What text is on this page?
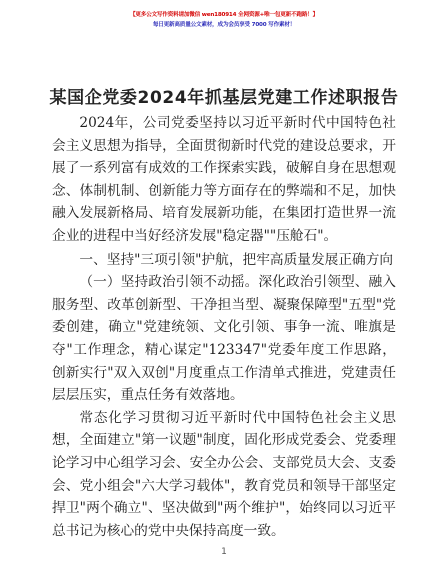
【更多公文写作资料请加微信 wen180914 全网资源+唯一包更新不跑路！】
每日更新高质量公文素材，成为会员享受 7000 写作素材！
某国企党委2024年抓基层党建工作述职报告

2024年，公司党委坚持以习近平新时代中国特色社会主义思想为指导，全面贯彻新时代党的建设总要求，开展了一系列富有成效的工作探索实践，破解自身在思想观念、体制机制、创新能力等方面存在的弊端和不足，加快融入发展新格局、培育发展新功能，在集团打造世界一流企业的进程中当好经济发展"稳定器""压舱石"。

一、坚持"三项引领"护航，把牢高质量发展正确方向

（一）坚持政治引领不动摇。深化政治引领型、融入服务型、改革创新型、干净担当型、凝聚保障型"五型"党委创建，确立"党建统领、文化引领、事争一流、唯旗是夺"工作理念，精心谋定"123347"党委年度工作思路，创新实行"双入双创"月度重点工作清单式推进，党建责任层层压实，重点任务有效落地。

常态化学习贯彻习近平新时代中国特色社会主义思想，全面建立"第一议题"制度，固化形成党委会、党委理论学习中心组学习会、安全办公会、支部党员大会、支委会、党小组会"六大学习载体"，教育党员和领导干部坚定捍卫"两个确立"、坚决做到"两个维护"，始终同以习近平总书记为核心的党中央保持高度一致。

1
